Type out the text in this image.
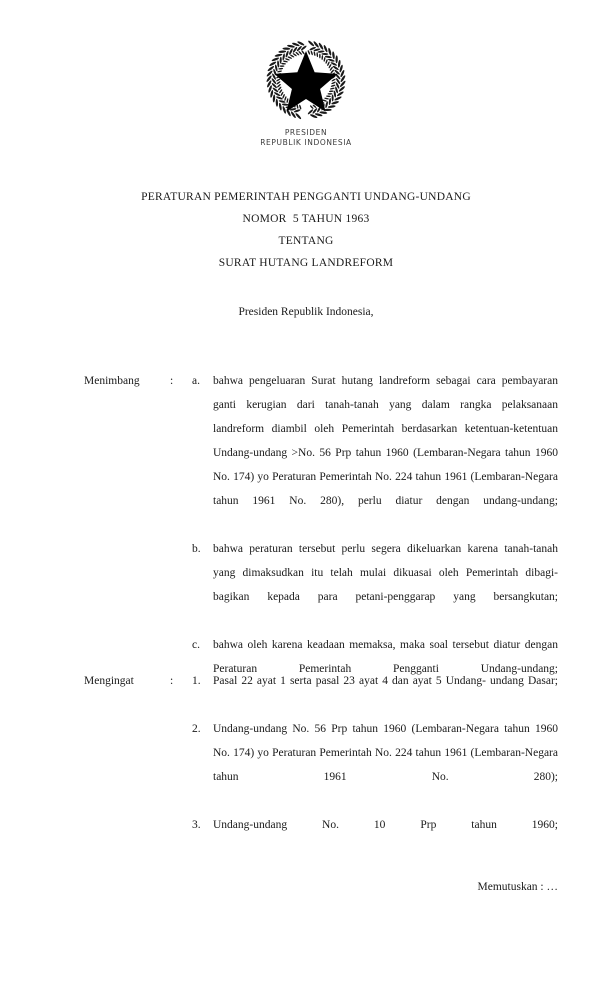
PRESIDEN
REPUBLIK INDONESIA
PERATURAN PEMERINTAH PENGGANTI UNDANG-UNDANG
NOMOR  5 TAHUN 1963
TENTANG
SURAT HUTANG LANDREFORM
Presiden Republik Indonesia,
Menimbang	:	a.	bahwa pengeluaran Surat hutang landreform sebagai cara pembayaran ganti kerugian dari tanah-tanah yang dalam rangka pelaksanaan landreform diambil oleh Pemerintah berdasarkan ketentuan-ketentuan Undang-undang >No. 56 Prp tahun 1960 (Lembaran-Negara tahun 1960 No. 174) yo Peraturan Pemerintah No. 224 tahun 1961 (Lembaran-Negara tahun 1961 No. 280), perlu diatur dengan undang-undang;
b.	bahwa peraturan tersebut perlu segera dikeluarkan karena tanah-tanah yang dimaksudkan itu telah mulai dikuasai oleh Pemerintah dibagi-bagikan kepada para petani-penggarap yang bersangkutan;
c.	bahwa oleh karena keadaan memaksa, maka soal tersebut diatur dengan Peraturan Pemerintah Pengganti Undang-undang;
Mengingat	:	1.	Pasal 22 ayat 1 serta pasal 23 ayat 4 dan ayat 5 Undang- undang Dasar;
2.	Undang-undang No. 56 Prp tahun 1960 (Lembaran-Negara tahun 1960 No. 174) yo Peraturan Pemerintah No. 224 tahun 1961 (Lembaran-Negara tahun 1961 No. 280);
3.	Undang-undang No. 10 Prp tahun 1960;
Memutuskan : …
